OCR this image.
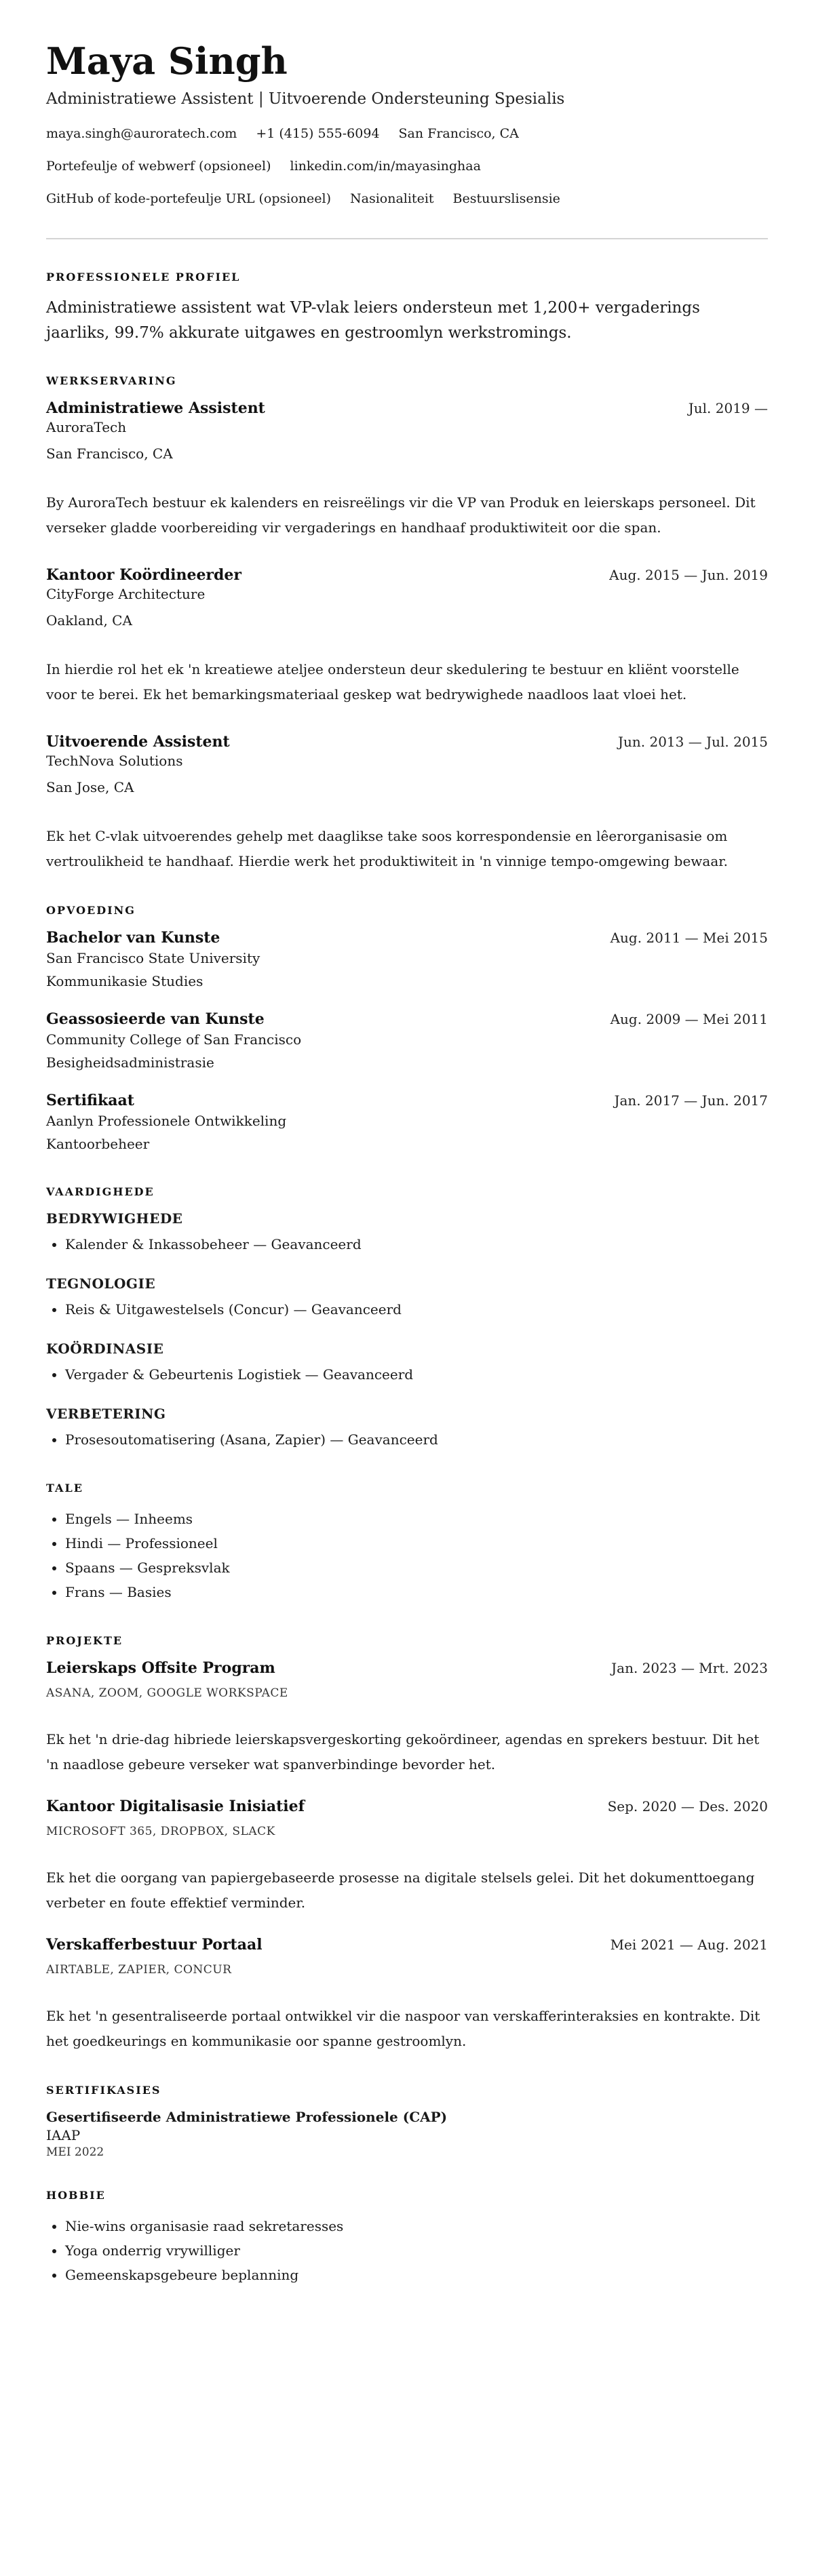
Maya Singh
Administratiewe Assistent | Uitvoerende Ondersteuning Spesialis
maya.singh@auroratech.com +1 (415) 555-6094 San Francisco, CA
Portefeulje of webwerf (opsioneel) linkedin.com/in/mayasinghaa
GitHub of kode-portefeulje URL (opsioneel) Nasionaliteit Bestuurslisensie
PROFESSIONELE PROFIEL
Administratiewe assistent wat VP-vlak leiers ondersteun met 1,200+ vergaderings jaarliks, 99.7% akkurate uitgawes en gestroomlyn werkstromings.
WERKSERVARING
Administratiewe Assistent	Jul. 2019 —
AuroraTech
San Francisco, CA
By AuroraTech bestuur ek kalenders en reisreëlings vir die VP van Produk en leierskaps personeel. Dit verseker gladde voorbereiding vir vergaderings en handhaaf produktiwiteit oor die span.
Kantoor Koördineerder	Aug. 2015 — Jun. 2019
CityForge Architecture
Oakland, CA
In hierdie rol het ek 'n kreatiewe ateljee ondersteun deur skedulering te bestuur en kliënt voorstelle voor te berei. Ek het bemarkingsmateriaal geskep wat bedrywighede naadloos laat vloei het.
Uitvoerende Assistent	Jun. 2013 — Jul. 2015
TechNova Solutions
San Jose, CA
Ek het C-vlak uitvoerendes gehelp met daaglikse take soos korrespondensie en lêerorganisasie om vertroulikheid te handhaaf. Hierdie werk het produktiwiteit in 'n vinnige tempo-omgewing bewaar.
OPVOEDING
Bachelor van Kunste	Aug. 2011 — Mei 2015
San Francisco State University
Kommunikasie Studies
Geassosieerde van Kunste	Aug. 2009 — Mei 2011
Community College of San Francisco
Besigheidsadministrasie
Sertifikaat	Jan. 2017 — Jun. 2017
Aanlyn Professionele Ontwikkeling
Kantoorbeheer
VAARDIGHEDE
BEDRYWIGHEDE
• Kalender & Inkassobeheer — Geavanceerd
TEGNOLOGIE
• Reis & Uitgawestelsels (Concur) — Geavanceerd
KOÖRDINASIE
• Vergader & Gebeurtenis Logistiek — Geavanceerd
VERBETERING
• Prosesoutomatisering (Asana, Zapier) — Geavanceerd
TALE
• Engels — Inheems
• Hindi — Professioneel
• Spaans — Gespreksvlak
• Frans — Basies
PROJEKTE
Leierskaps Offsite Program	Jan. 2023 — Mrt. 2023
ASANA, ZOOM, GOOGLE WORKSPACE
Ek het 'n drie-dag hibriede leierskapsvergeskorting gekoördineer, agendas en sprekers bestuur. Dit het 'n naadlose gebeure verseker wat spanverbindinge bevorder het.
Kantoor Digitalisasie Inisiatief	Sep. 2020 — Des. 2020
MICROSOFT 365, DROPBOX, SLACK
Ek het die oorgang van papiergebaseerde prosesse na digitale stelsels gelei. Dit het dokumenttoegang verbeter en foute effektief verminder.
Verskafferbestuur Portaal	Mei 2021 — Aug. 2021
AIRTABLE, ZAPIER, CONCUR
Ek het 'n gesentraliseerde portaal ontwikkel vir die naspoor van verskafferinteraksies en kontrakte. Dit het goedkeurings en kommunikasie oor spanne gestroomlyn.
SERTIFIKASIES
Gesertifiseerde Administratiewe Professionele (CAP)
IAAP
MEI 2022
HOBBIE
• Nie-wins organisasie raad sekretaresses
• Yoga onderrig vrywilliger
• Gemeenskapsgebeure beplanning
